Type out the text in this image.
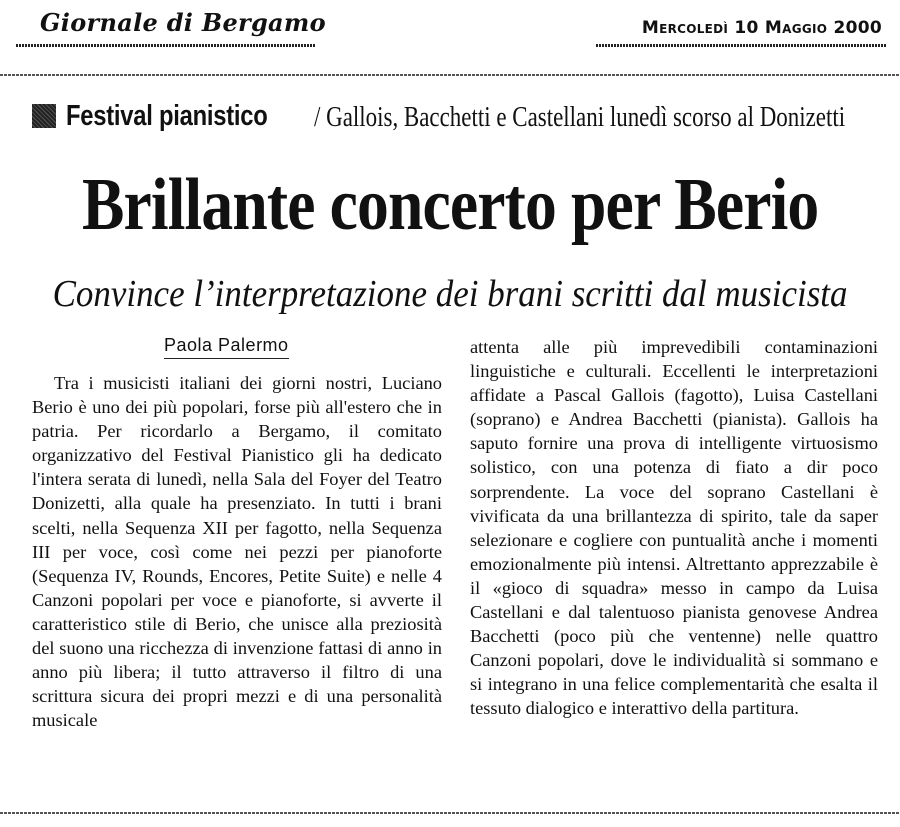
Giornale di Bergamo	Mercoledì 10 Maggio 2000
Festival pianistico / Gallois, Bacchetti e Castellani lunedì scorso al Donizetti
Brillante concerto per Berio
Convince l’interpretazione dei brani scritti dal musicista
Paola Palermo
Tra i musicisti italiani dei giorni nostri, Luciano Berio è uno dei più popolari, forse più all'estero che in patria. Per ricordarlo a Bergamo, il comitato organizzativo del Festival Pianistico gli ha dedicato l'intera serata di lunedì, nella Sala del Foyer del Teatro Donizetti, alla quale ha presenziato. In tutti i brani scelti, nella Sequenza XII per fagotto, nella Sequenza III per voce, così come nei pezzi per pianoforte (Sequenza IV, Rounds, Encores, Petite Suite) e nelle 4 Canzoni popolari per voce e pianoforte, si avverte il caratteristico stile di Berio, che unisce alla preziosità del suono una ricchezza di invenzione fattasi di anno in anno più libera; il tutto attraverso il filtro di una scrittura sicura dei propri mezzi e di una personalità musicale
attenta alle più imprevedibili contaminazioni linguistiche e culturali. Eccellenti le interpretazioni affidate a Pascal Gallois (fagotto), Luisa Castellani (soprano) e Andrea Bacchetti (pianista). Gallois ha saputo fornire una prova di intelligente virtuosismo solistico, con una potenza di fiato a dir poco sorprendente. La voce del soprano Castellani è vivificata da una brillantezza di spirito, tale da saper selezionare e cogliere con puntualità anche i momenti emozionalmente più intensi. Altrettanto apprezzabile è il «gioco di squadra» messo in campo da Luisa Castellani e dal talentuoso pianista genovese Andrea Bacchetti (poco più che ventenne) nelle quattro Canzoni popolari, dove le individualità si sommano e si integrano in una felice complementarità che esalta il tessuto dialogico e interattivo della partitura.
